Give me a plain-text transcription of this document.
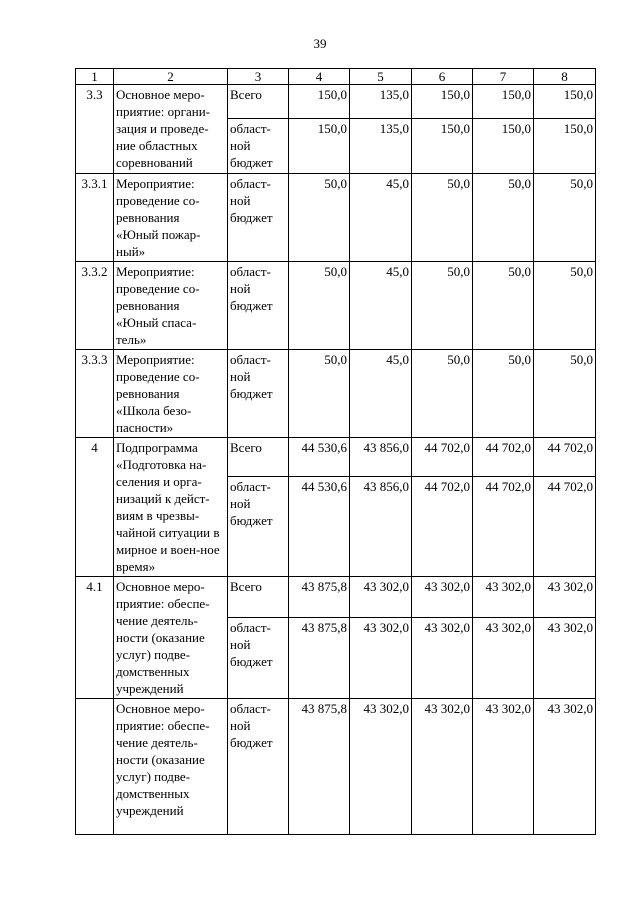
39
1	2	3	4	5	6	7	8
3.3	Основное меро-приятие: органи-зация и проведе-ние областных соревнований	Всего	150,0	135,0	150,0	150,0	150,0
		област-ной бюджет	150,0	135,0	150,0	150,0	150,0
3.3.1	Мероприятие: проведение со-ревнования «Юный пожар-ный»	област-ной бюджет	50,0	45,0	50,0	50,0	50,0
3.3.2	Мероприятие: проведение со-ревнования «Юный спаса-тель»	област-ной бюджет	50,0	45,0	50,0	50,0	50,0
3.3.3	Мероприятие: проведение со-ревнования «Школа безо-пасности»	област-ной бюджет	50,0	45,0	50,0	50,0	50,0
4	Подпрограмма «Подготовка на-селения и орга-низаций к дейст-виям в чрезвы-чайной ситуации в мирное и воен-ное время»	Всего	44 530,6	43 856,0	44 702,0	44 702,0	44 702,0
		област-ной бюджет	44 530,6	43 856,0	44 702,0	44 702,0	44 702,0
4.1	Основное меро-приятие: обеспе-чение деятель-ности (оказание услуг) подве-домственных учреждений	Всего	43 875,8	43 302,0	43 302,0	43 302,0	43 302,0
		област-ной бюджет	43 875,8	43 302,0	43 302,0	43 302,0	43 302,0
	Основное меро-приятие: обеспе-чение деятель-ности (оказание услуг) подве-домственных учреждений	област-ной бюджет	43 875,8	43 302,0	43 302,0	43 302,0	43 302,0
